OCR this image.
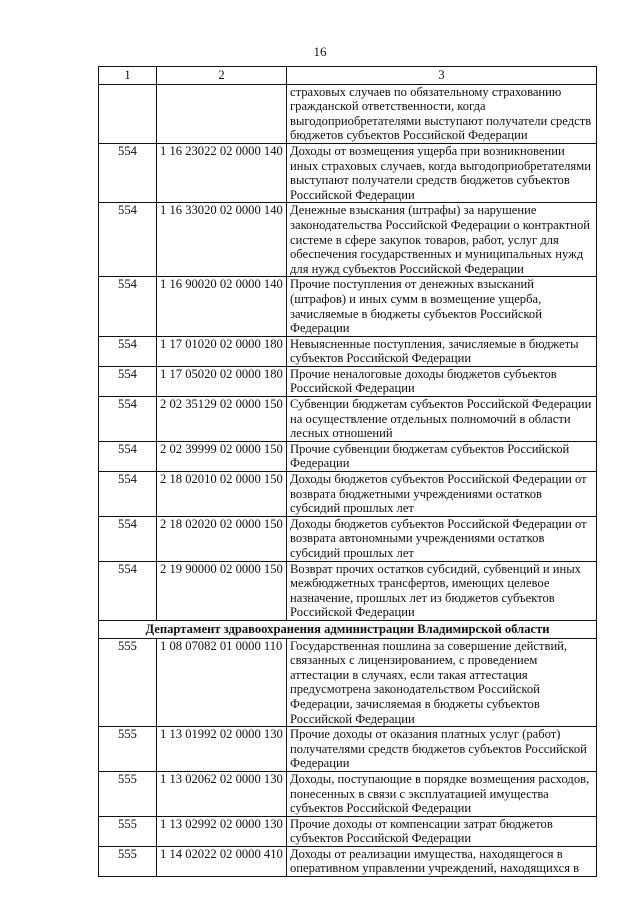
16
1	2	3
		страховых случаев по обязательному страхованию гражданской ответственности, когда выгодоприобретателями выступают получатели средств бюджетов субъектов Российской Федерации
554	1 16 23022 02 0000 140	Доходы от возмещения ущерба при возникновении иных страховых случаев, когда выгодоприобретателями выступают получатели средств бюджетов субъектов Российской Федерации
554	1 16 33020 02 0000 140	Денежные взыскания (штрафы) за нарушение законодательства Российской Федерации о контрактной системе в сфере закупок товаров, работ, услуг для обеспечения государственных и муниципальных нужд для нужд субъектов Российской Федерации
554	1 16 90020 02 0000 140	Прочие поступления от денежных взысканий (штрафов) и иных сумм в возмещение ущерба, зачисляемые в бюджеты субъектов Российской Федерации
554	1 17 01020 02 0000 180	Невыясненные поступления, зачисляемые в бюджеты субъектов Российской Федерации
554	1 17 05020 02 0000 180	Прочие неналоговые доходы бюджетов субъектов Российской Федерации
554	2 02 35129 02 0000 150	Субвенции бюджетам субъектов Российской Федерации на осуществление отдельных полномочий в области лесных отношений
554	2 02 39999 02 0000 150	Прочие субвенции бюджетам субъектов Российской Федерации
554	2 18 02010 02 0000 150	Доходы бюджетов субъектов Российской Федерации от возврата бюджетными учреждениями остатков субсидий прошлых лет
554	2 18 02020 02 0000 150	Доходы бюджетов субъектов Российской Федерации от возврата автономными учреждениями остатков субсидий прошлых лет
554	2 19 90000 02 0000 150	Возврат прочих остатков субсидий, субвенций и иных межбюджетных трансфертов, имеющих целевое назначение, прошлых лет из бюджетов субъектов Российской Федерации
Департамент здравоохранения администрации Владимирской области		
555	1 08 07082 01 0000 110	Государственная пошлина за совершение действий, связанных с лицензированием, с проведением аттестации в случаях, если такая аттестация предусмотрена законодательством Российской Федерации, зачисляемая в бюджеты субъектов Российской Федерации
555	1 13 01992 02 0000 130	Прочие доходы от оказания платных услуг (работ) получателями средств бюджетов субъектов Российской Федерации
555	1 13 02062 02 0000 130	Доходы, поступающие в порядке возмещения расходов, понесенных в связи с эксплуатацией имущества субъектов Российской Федерации
555	1 13 02992 02 0000 130	Прочие доходы от компенсации затрат бюджетов субъектов Российской Федерации
555	1 14 02022 02 0000 410	Доходы от реализации имущества, находящегося в оперативном управлении учреждений, находящихся в
